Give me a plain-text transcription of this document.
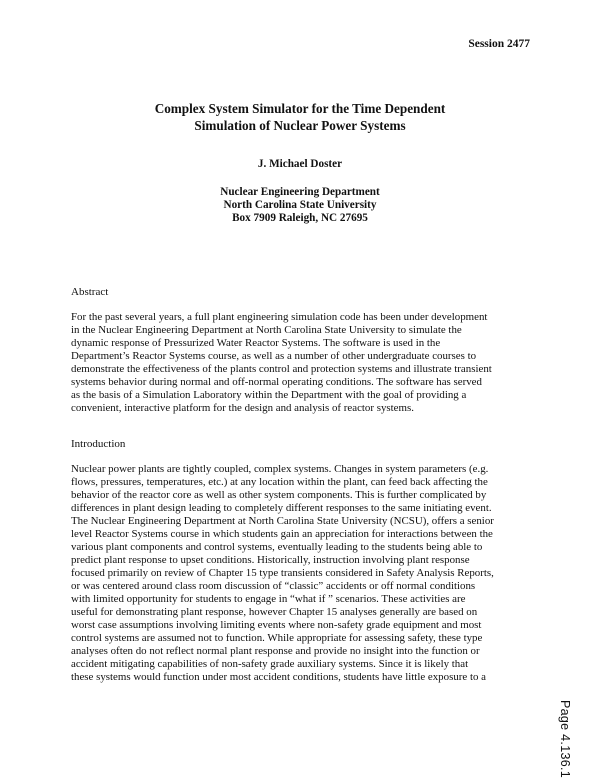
Session 2477
Complex System Simulator for the Time Dependent
Simulation of Nuclear Power Systems
J. Michael Doster
Nuclear Engineering Department
North Carolina State University
Box 7909 Raleigh, NC 27695
Abstract
For the past several years, a full plant engineering simulation code has been under development
in the Nuclear Engineering Department at North Carolina State University to simulate the
dynamic response of Pressurized Water Reactor Systems. The software is used in the
Department’s Reactor Systems course, as well as a number of other undergraduate courses to
demonstrate the effectiveness of the plants control and protection systems and illustrate transient
systems behavior during normal and off-normal operating conditions. The software has served
as the basis of a Simulation Laboratory within the Department with the goal of providing a
convenient, interactive platform for the design and analysis of reactor systems.
Introduction
Nuclear power plants are tightly coupled, complex systems. Changes in system parameters (e.g.
flows, pressures, temperatures, etc.) at any location within the plant, can feed back affecting the
behavior of the reactor core as well as other system components. This is further complicated by
differences in plant design leading to completely different responses to the same initiating event.
The Nuclear Engineering Department at North Carolina State University (NCSU), offers a senior
level Reactor Systems course in which students gain an appreciation for interactions between the
various plant components and control systems, eventually leading to the students being able to
predict plant response to upset conditions. Historically, instruction involving plant response
focused primarily on review of Chapter 15 type transients considered in Safety Analysis Reports,
or was centered around class room discussion of “classic” accidents or off normal conditions
with limited opportunity for students to engage in “what if ” scenarios. These activities are
useful for demonstrating plant response, however Chapter 15 analyses generally are based on
worst case assumptions involving limiting events where non-safety grade equipment and most
control systems are assumed not to function. While appropriate for assessing safety, these type
analyses often do not reflect normal plant response and provide no insight into the function or
accident mitigating capabilities of non-safety grade auxiliary systems. Since it is likely that
these systems would function under most accident conditions, students have little exposure to a
Page 4.136.1
